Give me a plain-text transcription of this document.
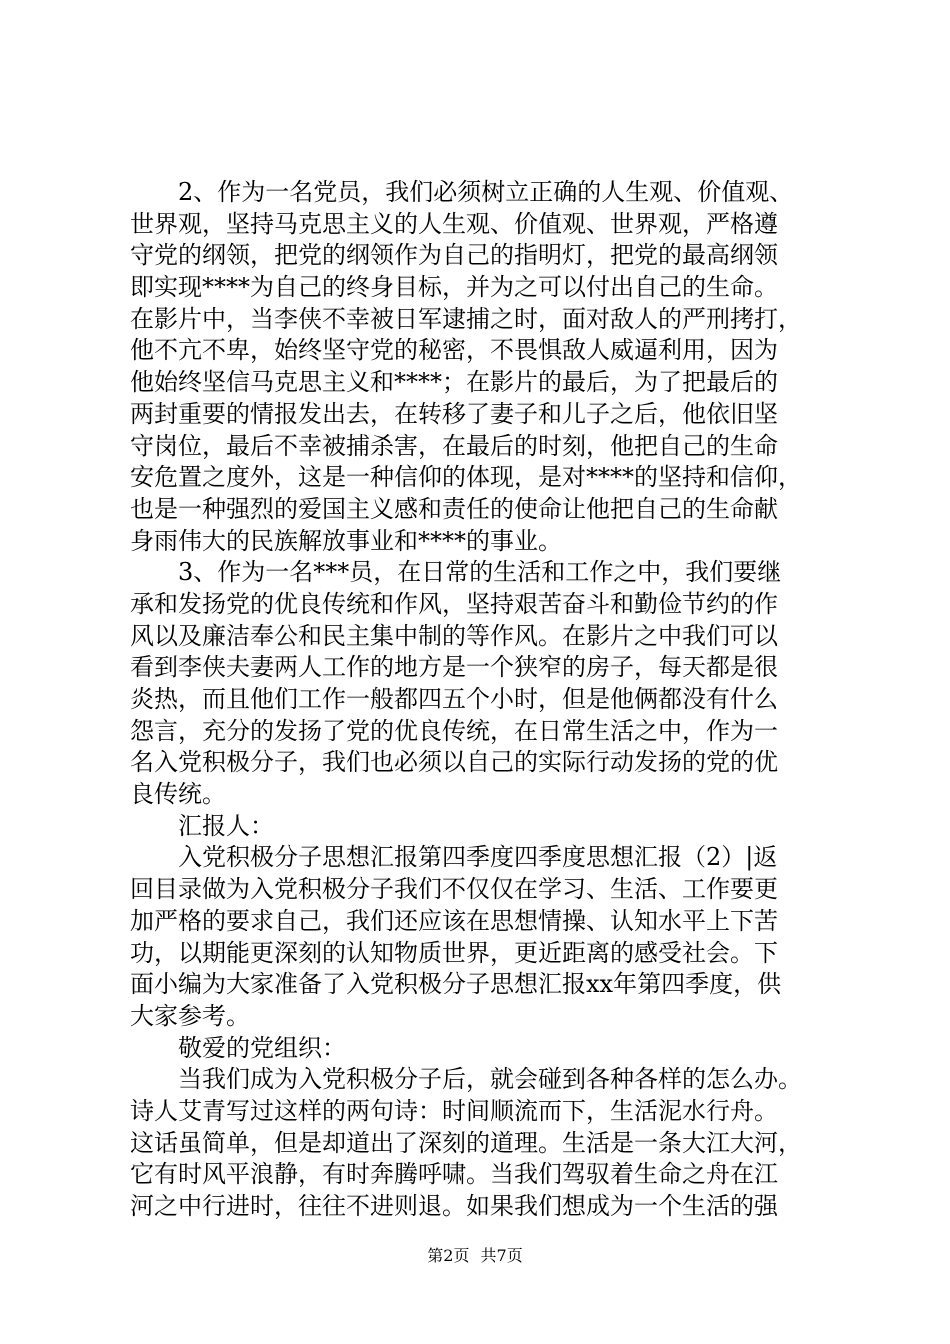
　　2、作为一名党员，我们必须树立正确的人生观、价值观、
世界观，坚持马克思主义的人生观、价值观、世界观，严格遵
守党的纲领，把党的纲领作为自己的指明灯，把党的最高纲领
即实现****为自己的终身目标，并为之可以付出自己的生命。
在影片中，当李侠不幸被日军逮捕之时，面对敌人的严刑拷打，
他不亢不卑，始终坚守党的秘密，不畏惧敌人威逼利用，因为
他始终坚信马克思主义和****；在影片的最后，为了把最后的
两封重要的情报发出去，在转移了妻子和儿子之后，他依旧坚
守岗位，最后不幸被捕杀害，在最后的时刻，他把自己的生命
安危置之度外，这是一种信仰的体现，是对****的坚持和信仰，
也是一种强烈的爱国主义感和责任的使命让他把自己的生命献
身雨伟大的民族解放事业和****的事业。
　　3、作为一名***员，在日常的生活和工作之中，我们要继
承和发扬党的优良传统和作风，坚持艰苦奋斗和勤俭节约的作
风以及廉洁奉公和民主集中制的等作风。在影片之中我们可以
看到李侠夫妻两人工作的地方是一个狭窄的房子，每天都是很
炎热，而且他们工作一般都四五个小时，但是他俩都没有什么
怨言，充分的发扬了党的优良传统，在日常生活之中，作为一
名入党积极分子，我们也必须以自己的实际行动发扬的党的优
良传统。
　　汇报人：
　　入党积极分子思想汇报第四季度四季度思想汇报（2）|返
回目录做为入党积极分子我们不仅仅在学习、生活、工作要更
加严格的要求自己，我们还应该在思想情操、认知水平上下苦
功，以期能更深刻的认知物质世界，更近距离的感受社会。下
面小编为大家准备了入党积极分子思想汇报xx年第四季度，供
大家参考。
　　敬爱的党组织：
　　当我们成为入党积极分子后，就会碰到各种各样的怎么办。
诗人艾青写过这样的两句诗：时间顺流而下，生活泥水行舟。
这话虽简单，但是却道出了深刻的道理。生活是一条大江大河，
它有时风平浪静，有时奔腾呼啸。当我们驾驭着生命之舟在江
河之中行进时，往往不进则退。如果我们想成为一个生活的强
第2页 共7页
